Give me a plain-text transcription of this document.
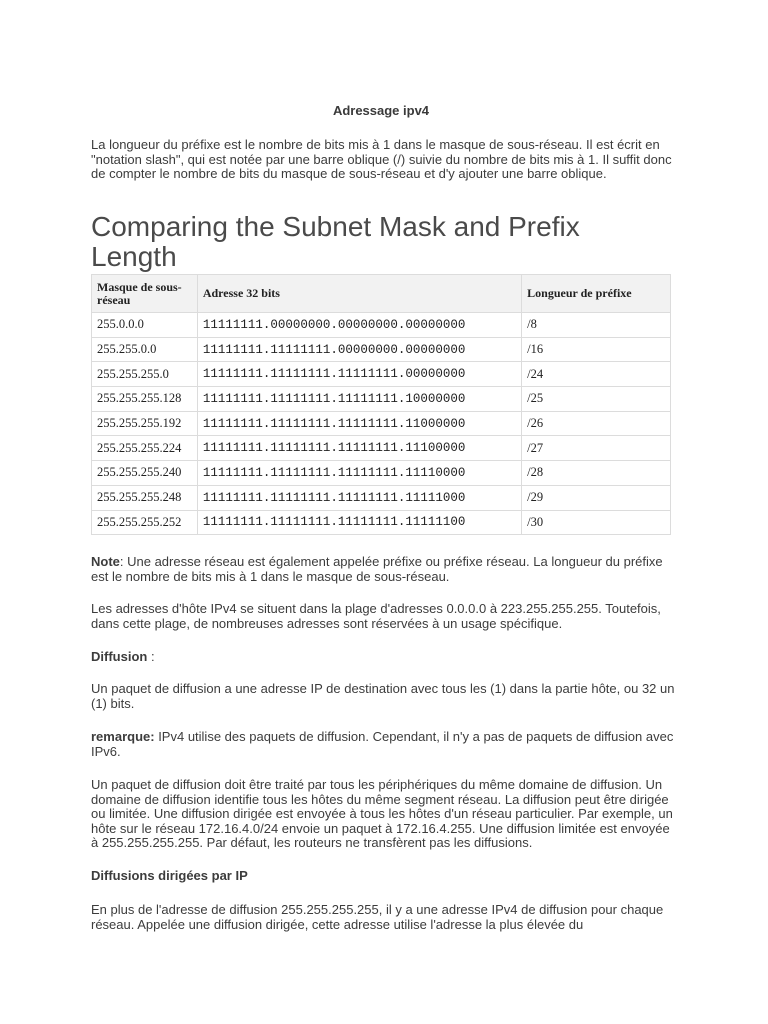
Adressage ipv4

La longueur du préfixe est le nombre de bits mis à 1 dans le masque de sous-réseau. Il est écrit en "notation slash", qui est notée par une barre oblique (/) suivie du nombre de bits mis à 1. Il suffit donc de compter le nombre de bits du masque de sous-réseau et d'y ajouter une barre oblique.

Comparing the Subnet Mask and Prefix Length
Masque de sous-réseau	Adresse 32 bits	Longueur de préfixe
255.0.0.0	11111111.00000000.00000000.00000000	/8
255.255.0.0	11111111.11111111.00000000.00000000	/16
255.255.255.0	11111111.11111111.11111111.00000000	/24
255.255.255.128	11111111.11111111.11111111.10000000	/25
255.255.255.192	11111111.11111111.11111111.11000000	/26
255.255.255.224	11111111.11111111.11111111.11100000	/27
255.255.255.240	11111111.11111111.11111111.11110000	/28
255.255.255.248	11111111.11111111.11111111.11111000	/29
255.255.255.252	11111111.11111111.11111111.11111100	/30

Note: Une adresse réseau est également appelée préfixe ou préfixe réseau. La longueur du préfixe est le nombre de bits mis à 1 dans le masque de sous-réseau.

Les adresses d'hôte IPv4 se situent dans la plage d'adresses 0.0.0.0 à 223.255.255.255. Toutefois, dans cette plage, de nombreuses adresses sont réservées à un usage spécifique.

Diffusion :

Un paquet de diffusion a une adresse IP de destination avec tous les (1) dans la partie hôte, ou 32 un (1) bits.

remarque: IPv4 utilise des paquets de diffusion. Cependant, il n'y a pas de paquets de diffusion avec IPv6.

Un paquet de diffusion doit être traité par tous les périphériques du même domaine de diffusion. Un domaine de diffusion identifie tous les hôtes du même segment réseau. La diffusion peut être dirigée ou limitée. Une diffusion dirigée est envoyée à tous les hôtes d'un réseau particulier. Par exemple, un hôte sur le réseau 172.16.4.0/24 envoie un paquet à 172.16.4.255. Une diffusion limitée est envoyée à 255.255.255.255. Par défaut, les routeurs ne transfèrent pas les diffusions.

Diffusions dirigées par IP

En plus de l'adresse de diffusion 255.255.255.255, il y a une adresse IPv4 de diffusion pour chaque réseau. Appelée une diffusion dirigée, cette adresse utilise l'adresse la plus élevée du
